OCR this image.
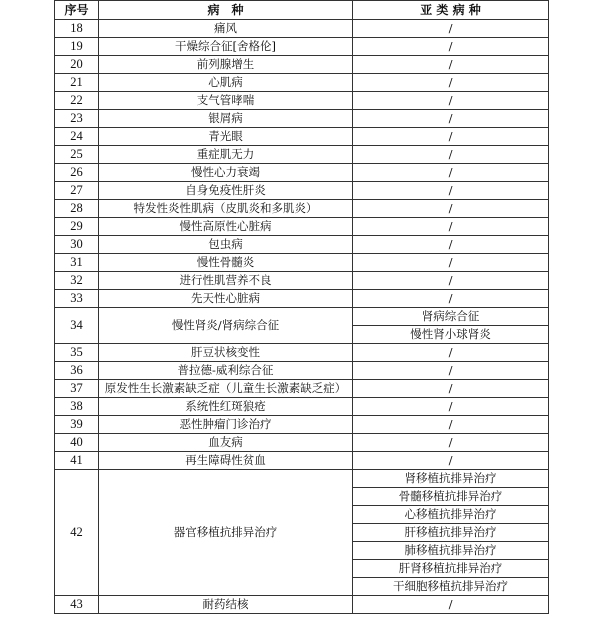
序号	病　种	亚 类 病 种
18	痛风	/
19	干燥综合征[舍格伦]	/
20	前列腺增生	/
21	心肌病	/
22	支气管哮喘	/
23	银屑病	/
24	青光眼	/
25	重症肌无力	/
26	慢性心力衰竭	/
27	自身免疫性肝炎	/
28	特发性炎性肌病（皮肌炎和多肌炎）	/
29	慢性高原性心脏病	/
30	包虫病	/
31	慢性骨髓炎	/
32	进行性肌营养不良	/
33	先天性心脏病	/
34	慢性肾炎/肾病综合征	肾病综合征
		慢性肾小球肾炎
35	肝豆状核变性	/
36	普拉德-威利综合征	/
37	原发性生长激素缺乏症（儿童生长激素缺乏症）	/
38	系统性红斑狼疮	/
39	恶性肿瘤门诊治疗	/
40	血友病	/
41	再生障碍性贫血	/
42	器官移植抗排异治疗	肾移植抗排异治疗
		骨髓移植抗排异治疗
		心移植抗排异治疗
		肝移植抗排异治疗
		肺移植抗排异治疗
		肝肾移植抗排异治疗
		干细胞移植抗排异治疗
43	耐药结核	/
